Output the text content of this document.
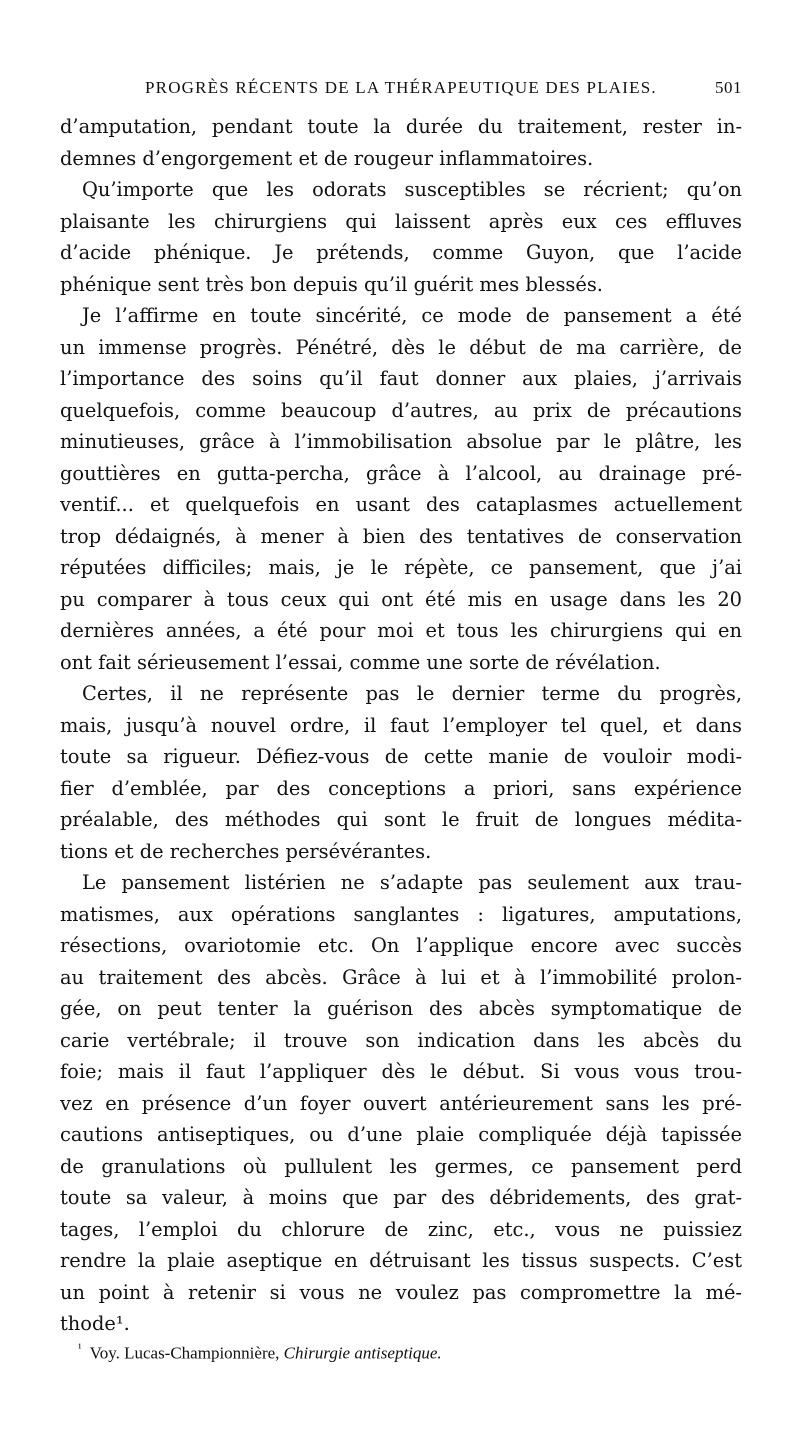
PROGRÈS RÉCENTS DE LA THÉRAPEUTIQUE DES PLAIES.	501
d’amputation, pendant toute la durée du traitement, rester in-
demnes d’engorgement et de rougeur inflammatoires.
Qu’importe que les odorats susceptibles se récrient; qu’on
plaisante les chirurgiens qui laissent après eux ces effluves
d’acide phénique. Je prétends, comme Guyon, que l’acide
phénique sent très bon depuis qu’il guérit mes blessés.
Je l’affirme en toute sincérité, ce mode de pansement a été
un immense progrès. Pénétré, dès le début de ma carrière, de
l’importance des soins qu’il faut donner aux plaies, j’arrivais
quelquefois, comme beaucoup d’autres, au prix de précautions
minutieuses, grâce à l’immobilisation absolue par le plâtre, les
gouttières en gutta-percha, grâce à l’alcool, au drainage pré-
ventif... et quelquefois en usant des cataplasmes actuellement
trop dédaignés, à mener à bien des tentatives de conservation
réputées difficiles; mais, je le répète, ce pansement, que j’ai
pu comparer à tous ceux qui ont été mis en usage dans les 20
dernières années, a été pour moi et tous les chirurgiens qui en
ont fait sérieusement l’essai, comme une sorte de révélation.
Certes, il ne représente pas le dernier terme du progrès,
mais, jusqu’à nouvel ordre, il faut l’employer tel quel, et dans
toute sa rigueur. Défiez-vous de cette manie de vouloir modi-
fier d’emblée, par des conceptions a priori, sans expérience
préalable, des méthodes qui sont le fruit de longues médita-
tions et de recherches persévérantes.
Le pansement listérien ne s’adapte pas seulement aux trau-
matismes, aux opérations sanglantes : ligatures, amputations,
résections, ovariotomie etc. On l’applique encore avec succès
au traitement des abcès. Grâce à lui et à l’immobilité prolon-
gée, on peut tenter la guérison des abcès symptomatique de
carie vertébrale; il trouve son indication dans les abcès du
foie; mais il faut l’appliquer dès le début. Si vous vous trou-
vez en présence d’un foyer ouvert antérieurement sans les pré-
cautions antiseptiques, ou d’une plaie compliquée déjà tapissée
de granulations où pullulent les germes, ce pansement perd
toute sa valeur, à moins que par des débridements, des grat-
tages, l’emploi du chlorure de zinc, etc., vous ne puissiez
rendre la plaie aseptique en détruisant les tissus suspects. C’est
un point à retenir si vous ne voulez pas compromettre la mé-
thode¹.
$^{^1}$ Voy. Lucas-Championnière, Chirurgie antiseptique.
